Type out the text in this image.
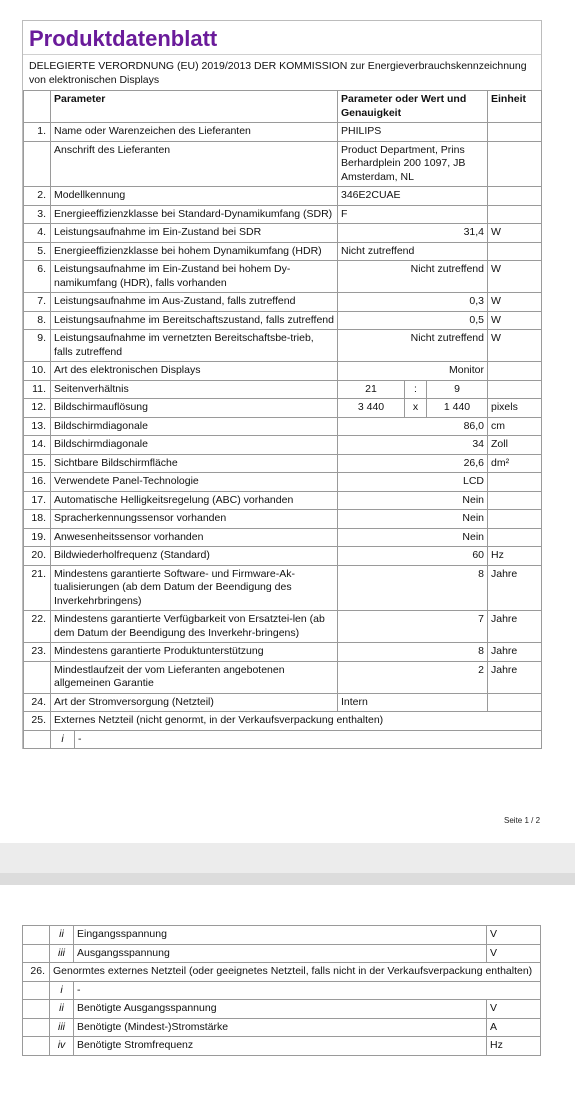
Produktdatenblatt
DELEGIERTE VERORDNUNG (EU) 2019/2013 DER KOMMISSION zur Energieverbrauchskennzeichnung von elektronischen Displays
	Parameter		Parameter oder Wert und Genauigkeit			Einheit
1.	Name oder Warenzeichen des Lieferanten		PHILIPS			
	Anschrift des Lieferanten		Product Department, Prins Berhardplein 200 1097, JB Amsterdam, NL			
2.	Modellkennung		346E2CUAE			
3.	Energieeffizienzklasse bei Standard-Dynamikumfang (SDR)		F			
4.	Leistungsaufnahme im Ein-Zustand bei SDR		31,4			W
5.	Energieeffizienzklasse bei hohem Dynamikumfang (HDR)		Nicht zutreffend			
6.	Leistungsaufnahme im Ein-Zustand bei hohem Dy-namikumfang (HDR), falls vorhanden		Nicht zutreffend			W
7.	Leistungsaufnahme im Aus-Zustand, falls zutreffend		0,3			W
8.	Leistungsaufnahme im Bereitschaftszustand, falls zutreffend		0,5			W
9.	Leistungsaufnahme im vernetzten Bereitschaftsbe-trieb, falls zutreffend		Nicht zutreffend			W
10.	Art des elektronischen Displays		Monitor			
11.	Seitenverhältnis		21	:	9	
12.	Bildschirmauflösung		3 440	x	1 440	pixels
13.	Bildschirmdiagonale		86,0			cm
14.	Bildschirmdiagonale		34			Zoll
15.	Sichtbare Bildschirmfläche		26,6			dm²
16.	Verwendete Panel-Technologie		LCD			
17.	Automatische Helligkeitsregelung (ABC) vorhanden		Nein			
18.	Spracherkennungssensor vorhanden		Nein			
19.	Anwesenheitssensor vorhanden		Nein			
20.	Bildwiederholfrequenz (Standard)		60			Hz
21.	Mindestens garantierte Software- und Firmware-Ak-tualisierungen (ab dem Datum der Beendigung des Inverkehrbringens)		8			Jahre
22.	Mindestens garantierte Verfügbarkeit von Ersatztei-len (ab dem Datum der Beendigung des Inverkehr-bringens)		7			Jahre
23.	Mindestens garantierte Produktunterstützung		8			Jahre
	Mindestlaufzeit der vom Lieferanten angebotenen allgemeinen Garantie		2			Jahre
24.	Art der Stromversorgung (Netzteil)		Intern			
25.	Externes Netzteil (nicht genormt, in der Verkaufsverpackung enthalten)					
	i	-				
Seite 1 / 2
	ii	Eingangsspannung	V
	iii	Ausgangsspannung	V
26.	Genormtes externes Netzteil (oder geeignetes Netzteil, falls nicht in der Verkaufsverpackung enthalten)		
	i	-	
	ii	Benötigte Ausgangsspannung	V
	iii	Benötigte (Mindest-)Stromstärke	A
	iv	Benötigte Stromfrequenz	Hz
